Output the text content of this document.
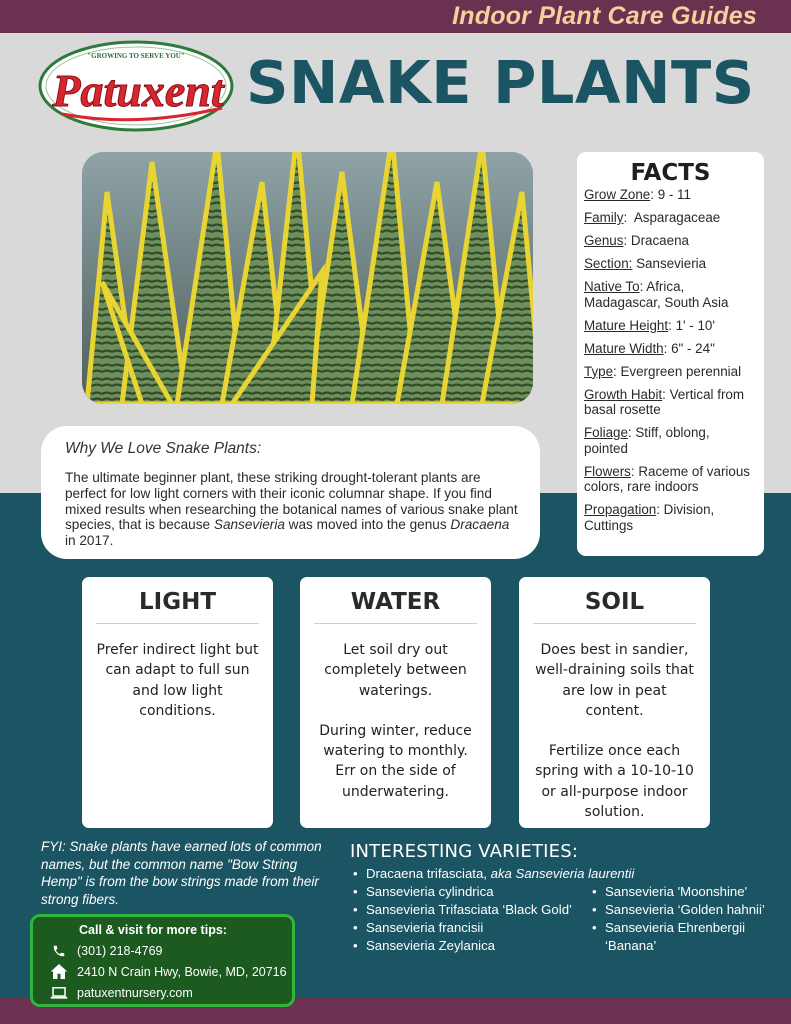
Indoor Plant Care Guides
"GROWING TO SERVE YOU"
Patuxent SNAKE PLANTS
FACTS
Grow Zone: 9 - 11
Family:  Asparagaceae
Genus: Dracaena
Section: Sansevieria
Native To: Africa, Madagascar, South Asia
Mature Height: 1' - 10'
Mature Width: 6" - 24"
Type: Evergreen perennial
Growth Habit: Vertical from basal rosette
Foliage: Stiff, oblong, pointed
Flowers: Raceme of various colors, rare indoors
Propagation: Division, Cuttings
Why We Love Snake Plants:
The ultimate beginner plant, these striking drought-tolerant plants are perfect for low light corners with their iconic columnar shape. If you find mixed results when researching the botanical names of various snake plant species, that is because Sansevieria was moved into the genus Dracaena in 2017.
LIGHT

Prefer indirect light but can adapt to full sun and low light conditions.

WATER

Let soil dry out completely between waterings.

During winter, reduce watering to monthly. Err on the side of underwatering.

SOIL

Does best in sandier, well-draining soils that are low in peat content.

Fertilize once each spring with a 10-10-10 or all-purpose indoor solution.

FYI: Snake plants have earned lots of common names, but the common name "Bow String Hemp" is from the bow strings made from their strong fibers.
INTERESTING VARIETIES:
• Dracaena trifasciata, aka Sansevieria laurentii
• Sansevieria cylindrica
• Sansevieria Trifasciata ‘Black Gold’
• Sansevieria francisii
• Sansevieria Zeylanica
• Sansevieria 'Moonshine'
• Sansevieria ‘Golden hahnii’
• Sansevieria Ehrenbergii ‘Banana’
Call & visit for more tips:
(301) 218-4769
2410 N Crain Hwy, Bowie, MD, 20716
patuxentnursery.com
